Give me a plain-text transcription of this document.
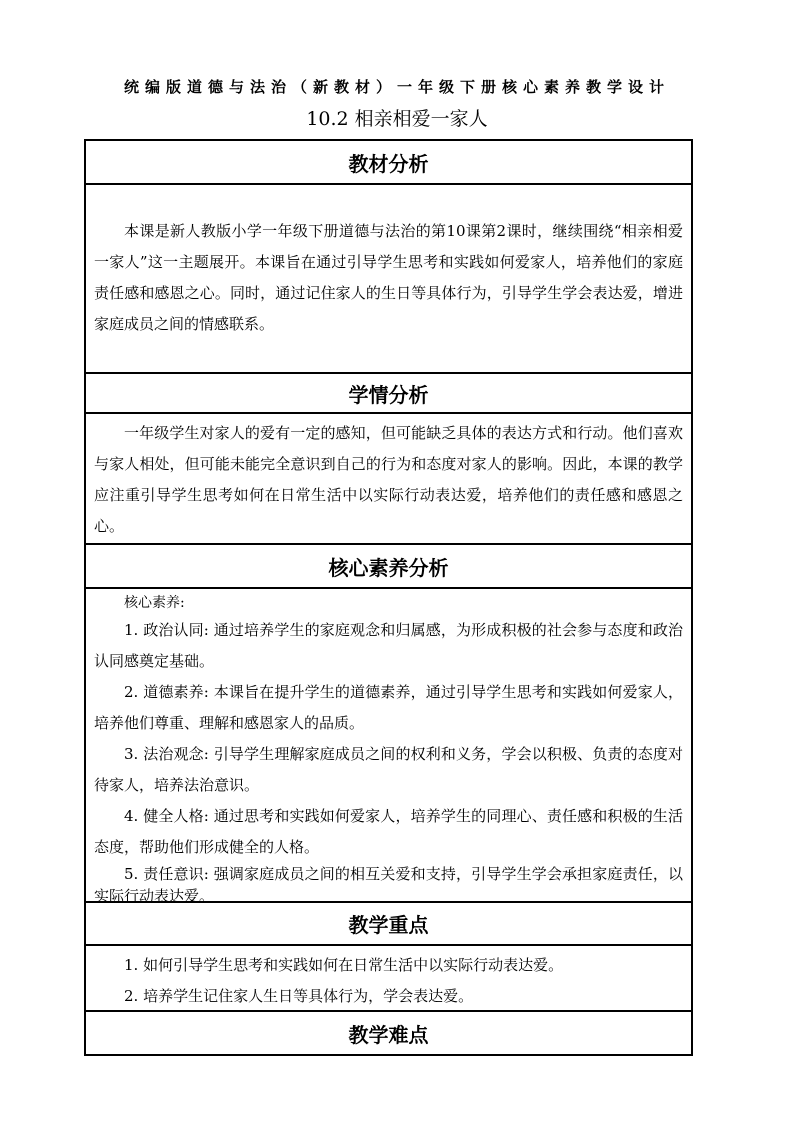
统编版道德与法治（新教材）一年级下册核心素养教学设计
10.2 相亲相爱一家人
教材分析

本课是新人教版小学一年级下册道德与法治的第10课第2课时，继续围绕“相亲相爱一家人”这一主题展开。本课旨在通过引导学生思考和实践如何爱家人，培养他们的家庭责任感和感恩之心。同时，通过记住家人的生日等具体行为，引导学生学会表达爱，增进家庭成员之间的情感联系。

学情分析

一年级学生对家人的爱有一定的感知，但可能缺乏具体的表达方式和行动。他们喜欢与家人相处，但可能未能完全意识到自己的行为和态度对家人的影响。因此，本课的教学应注重引导学生思考如何在日常生活中以实际行动表达爱，培养他们的责任感和感恩之心。

核心素养分析

核心素养:

1. 政治认同: 通过培养学生的家庭观念和归属感，为形成积极的社会参与态度和政治认同感奠定基础。

2. 道德素养: 本课旨在提升学生的道德素养，通过引导学生思考和实践如何爱家人，培养他们尊重、理解和感恩家人的品质。

3. 法治观念: 引导学生理解家庭成员之间的权利和义务，学会以积极、负责的态度对待家人，培养法治意识。

4. 健全人格: 通过思考和实践如何爱家人，培养学生的同理心、责任感和积极的生活态度，帮助他们形成健全的人格。

5. 责任意识: 强调家庭成员之间的相互关爱和支持，引导学生学会承担家庭责任，以实际行动表达爱。

教学重点

1. 如何引导学生思考和实践如何在日常生活中以实际行动表达爱。

2. 培养学生记住家人生日等具体行为，学会表达爱。

教学难点
